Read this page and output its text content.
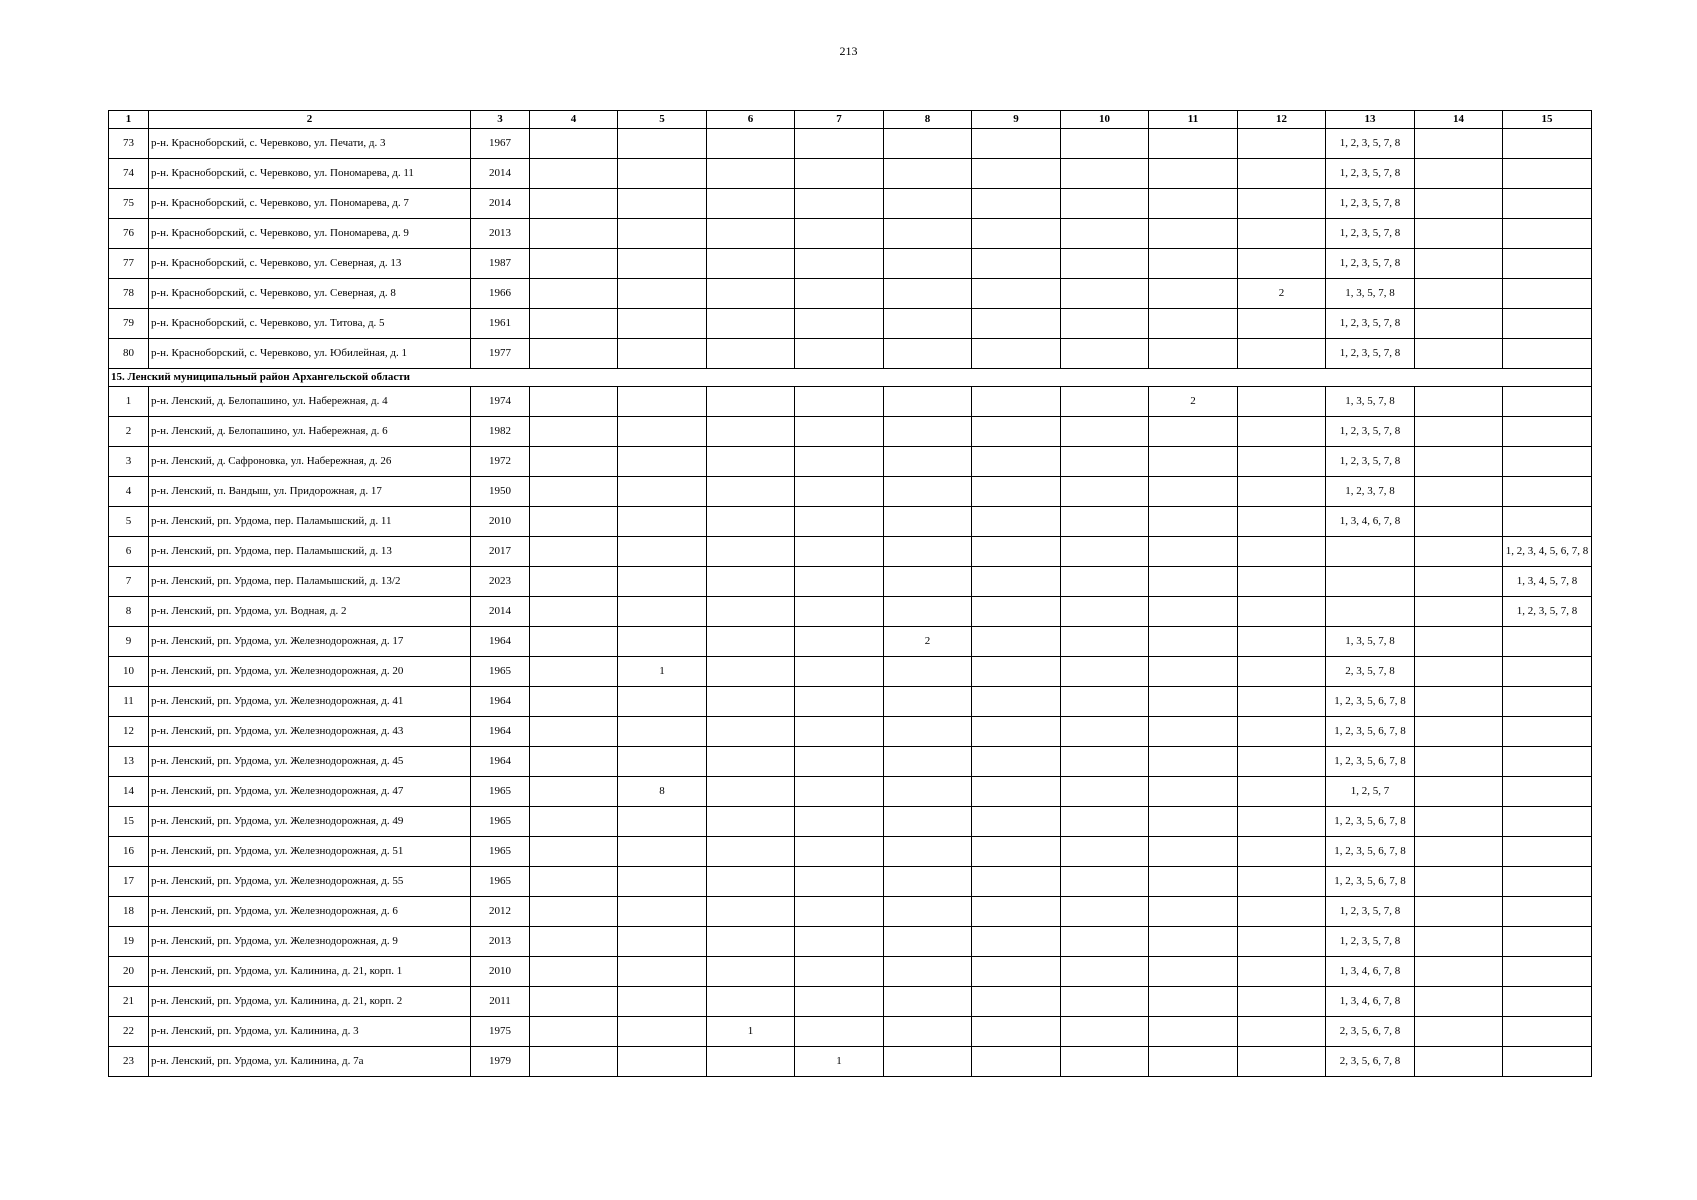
213
1	2	3	4	5	6	7	8	9	10	11	12	13	14	15
73	р-н. Красноборский, с. Черевково, ул. Печати, д. 3	1967										1, 2, 3, 5, 7, 8		
74	р-н. Красноборский, с. Черевково, ул. Пономарева, д. 11	2014										1, 2, 3, 5, 7, 8		
75	р-н. Красноборский, с. Черевково, ул. Пономарева, д. 7	2014										1, 2, 3, 5, 7, 8		
76	р-н. Красноборский, с. Черевково, ул. Пономарева, д. 9	2013										1, 2, 3, 5, 7, 8		
77	р-н. Красноборский, с. Черевково, ул. Северная, д. 13	1987										1, 2, 3, 5, 7, 8		
78	р-н. Красноборский, с. Черевково, ул. Северная, д. 8	1966									2	1, 3, 5, 7, 8		
79	р-н. Красноборский, с. Черевково, ул. Титова, д. 5	1961										1, 2, 3, 5, 7, 8		
80	р-н. Красноборский, с. Черевково, ул. Юбилейная, д. 1	1977										1, 2, 3, 5, 7, 8		
15. Ленский муниципальный район Архангельской области														
1	р-н. Ленский, д. Белопашино, ул. Набережная, д. 4	1974								2		1, 3, 5, 7, 8		
2	р-н. Ленский, д. Белопашино, ул. Набережная, д. 6	1982										1, 2, 3, 5, 7, 8		
3	р-н. Ленский, д. Сафроновка, ул. Набережная, д. 26	1972										1, 2, 3, 5, 7, 8		
4	р-н. Ленский, п. Вандыш, ул. Придорожная, д. 17	1950										1, 2, 3, 7, 8		
5	р-н. Ленский, рп. Урдома, пер. Паламышский, д. 11	2010										1, 3, 4, 6, 7, 8		
6	р-н. Ленский, рп. Урдома, пер. Паламышский, д. 13	2017												1, 2, 3, 4, 5, 6, 7, 8
7	р-н. Ленский, рп. Урдома, пер. Паламышский, д. 13/2	2023												1, 3, 4, 5, 7, 8
8	р-н. Ленский, рп. Урдома, ул. Водная, д. 2	2014												1, 2, 3, 5, 7, 8
9	р-н. Ленский, рп. Урдома, ул. Железнодорожная, д. 17	1964					2					1, 3, 5, 7, 8		
10	р-н. Ленский, рп. Урдома, ул. Железнодорожная, д. 20	1965		1								2, 3, 5, 7, 8		
11	р-н. Ленский, рп. Урдома, ул. Железнодорожная, д. 41	1964										1, 2, 3, 5, 6, 7, 8		
12	р-н. Ленский, рп. Урдома, ул. Железнодорожная, д. 43	1964										1, 2, 3, 5, 6, 7, 8		
13	р-н. Ленский, рп. Урдома, ул. Железнодорожная, д. 45	1964										1, 2, 3, 5, 6, 7, 8		
14	р-н. Ленский, рп. Урдома, ул. Железнодорожная, д. 47	1965		8								1, 2, 5, 7		
15	р-н. Ленский, рп. Урдома, ул. Железнодорожная, д. 49	1965										1, 2, 3, 5, 6, 7, 8		
16	р-н. Ленский, рп. Урдома, ул. Железнодорожная, д. 51	1965										1, 2, 3, 5, 6, 7, 8		
17	р-н. Ленский, рп. Урдома, ул. Железнодорожная, д. 55	1965										1, 2, 3, 5, 6, 7, 8		
18	р-н. Ленский, рп. Урдома, ул. Железнодорожная, д. 6	2012										1, 2, 3, 5, 7, 8		
19	р-н. Ленский, рп. Урдома, ул. Железнодорожная, д. 9	2013										1, 2, 3, 5, 7, 8		
20	р-н. Ленский, рп. Урдома, ул. Калинина, д. 21, корп. 1	2010										1, 3, 4, 6, 7, 8		
21	р-н. Ленский, рп. Урдома, ул. Калинина, д. 21, корп. 2	2011										1, 3, 4, 6, 7, 8		
22	р-н. Ленский, рп. Урдома, ул. Калинина, д. 3	1975			1							2, 3, 5, 6, 7, 8		
23	р-н. Ленский, рп. Урдома, ул. Калинина, д. 7а	1979				1						2, 3, 5, 6, 7, 8		
